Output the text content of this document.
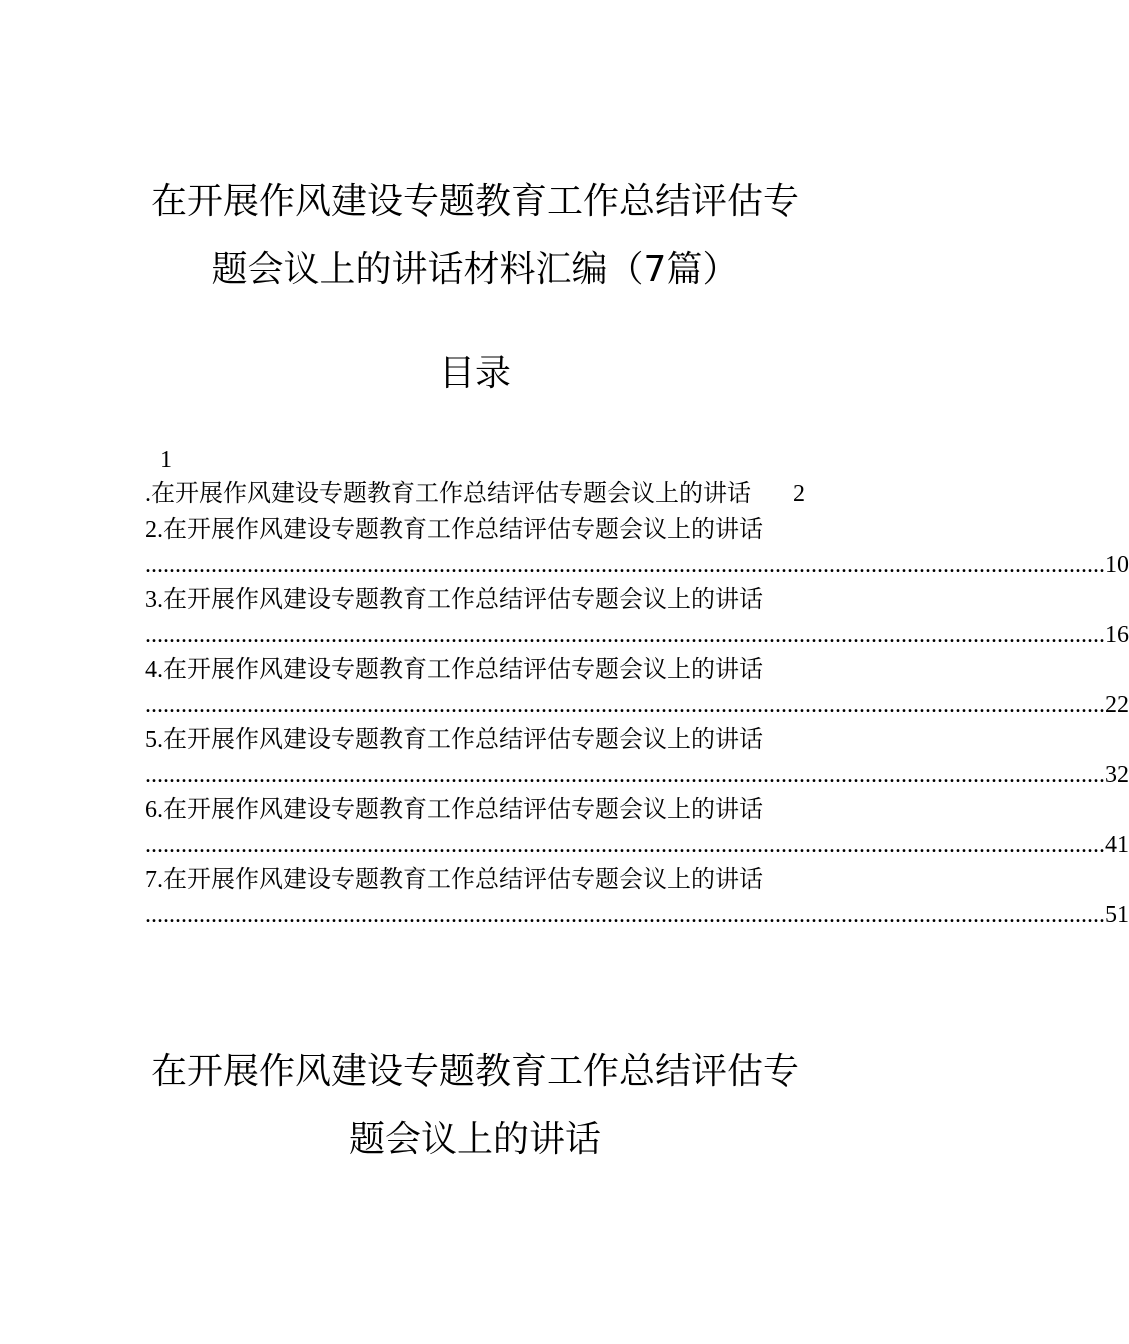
在开展作风建设专题教育工作总结评估专
题会议上的讲话材料汇编（7篇）
目录
1
.在开展作风建设专题教育工作总结评估专题会议上的讲话	2
2.在开展作风建设专题教育工作总结评估专题会议上的讲话
................................................................................................................................................................ 10
3.在开展作风建设专题教育工作总结评估专题会议上的讲话
................................................................................................................................................................ 16
4.在开展作风建设专题教育工作总结评估专题会议上的讲话
................................................................................................................................................................ 22
5.在开展作风建设专题教育工作总结评估专题会议上的讲话
................................................................................................................................................................ 32
6.在开展作风建设专题教育工作总结评估专题会议上的讲话
................................................................................................................................................................ 41
7.在开展作风建设专题教育工作总结评估专题会议上的讲话
................................................................................................................................................................ 51
在开展作风建设专题教育工作总结评估专
题会议上的讲话
